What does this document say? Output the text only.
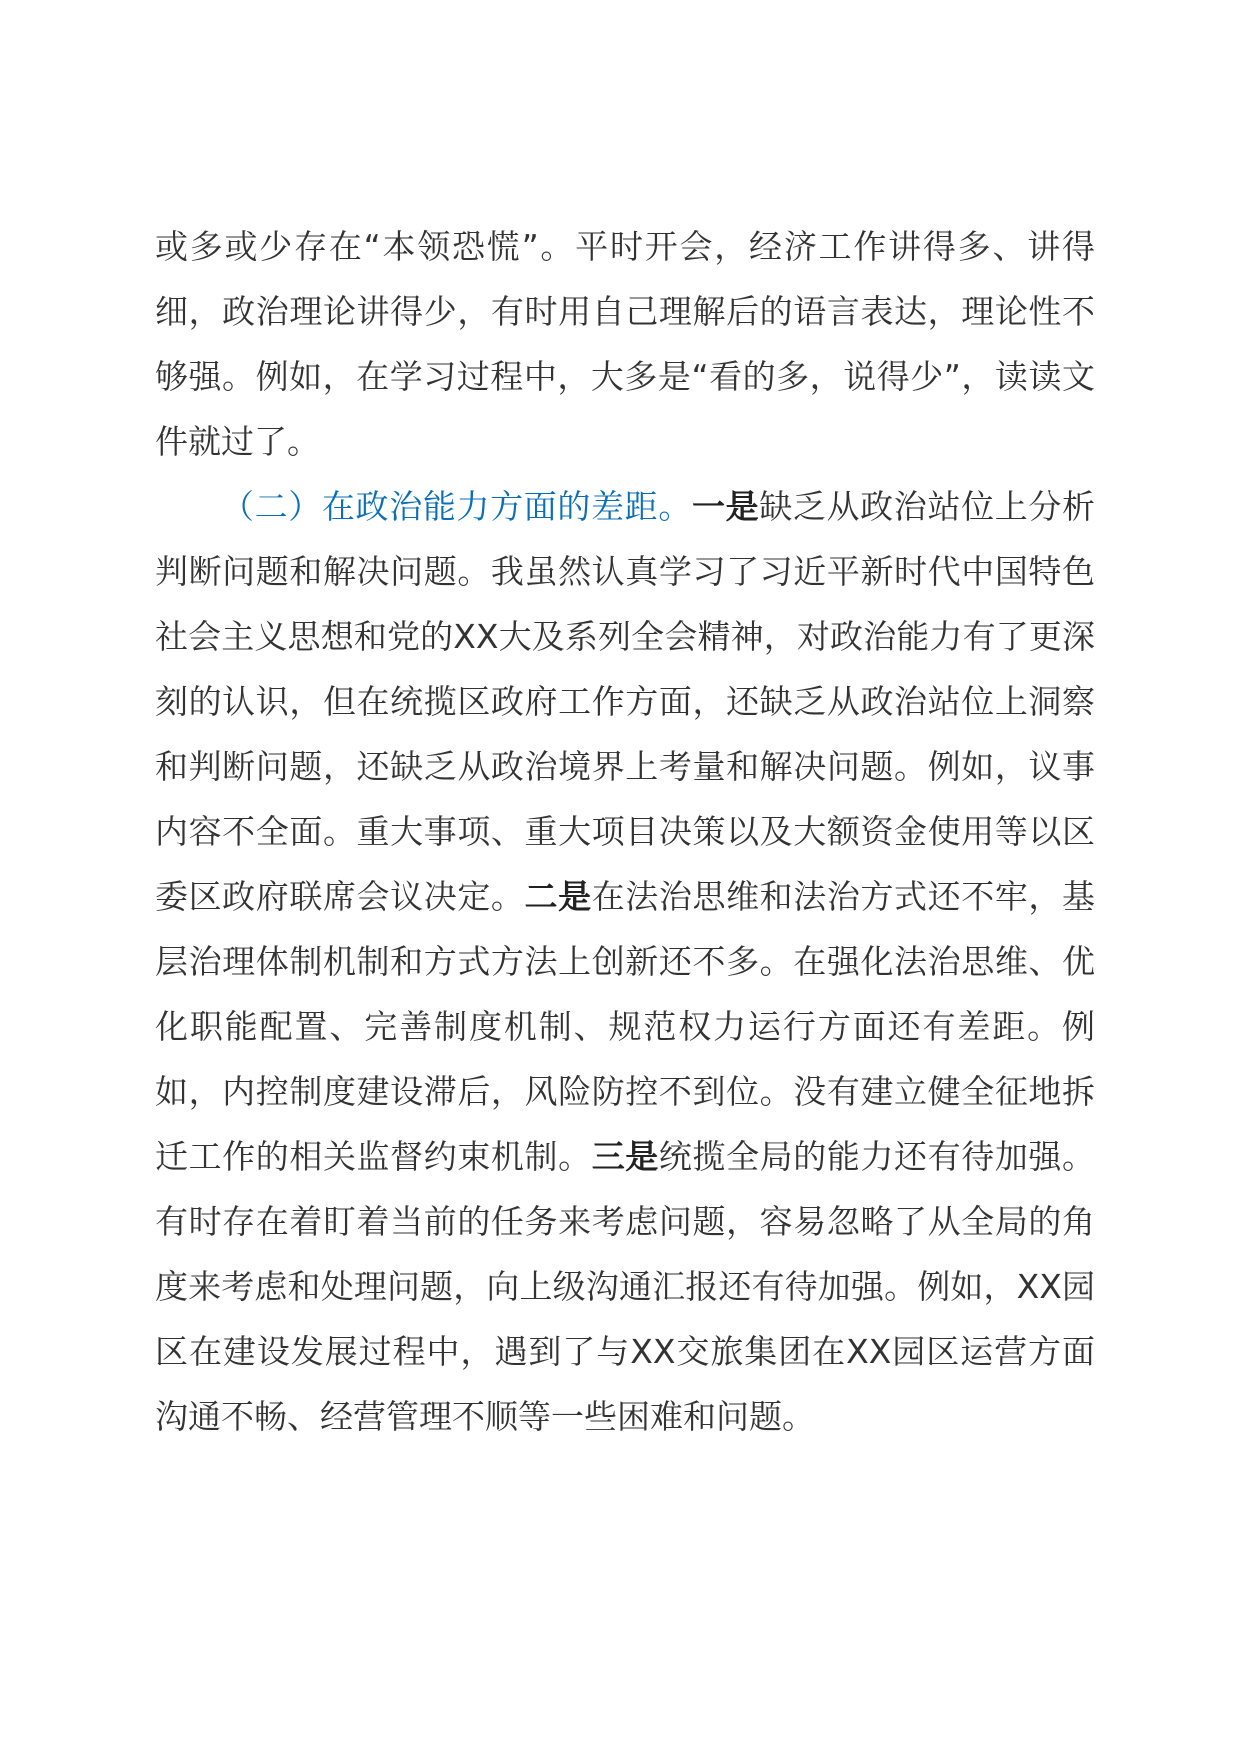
或多或少存在“本领恐慌”。平时开会，经济工作讲得多、讲得细，政治理论讲得少，有时用自己理解后的语言表达，理论性不够强。例如，在学习过程中，大多是“看的多，说得少”，读读文件就过了。

（二）在政治能力方面的差距。一是缺乏从政治站位上分析判断问题和解决问题。我虽然认真学习了习近平新时代中国特色社会主义思想和党的XX大及系列全会精神，对政治能力有了更深刻的认识，但在统揽区政府工作方面，还缺乏从政治站位上洞察和判断问题，还缺乏从政治境界上考量和解决问题。例如，议事内容不全面。重大事项、重大项目决策以及大额资金使用等以区委区政府联席会议决定。二是在法治思维和法治方式还不牢，基层治理体制机制和方式方法上创新还不多。在强化法治思维、优化职能配置、完善制度机制、规范权力运行方面还有差距。例如，内控制度建设滞后，风险防控不到位。没有建立健全征地拆迁工作的相关监督约束机制。三是统揽全局的能力还有待加强。有时存在着盯着当前的任务来考虑问题，容易忽略了从全局的角度来考虑和处理问题，向上级沟通汇报还有待加强。例如，XX园区在建设发展过程中，遇到了与XX交旅集团在XX园区运营方面沟通不畅、经营管理不顺等一些困难和问题。
